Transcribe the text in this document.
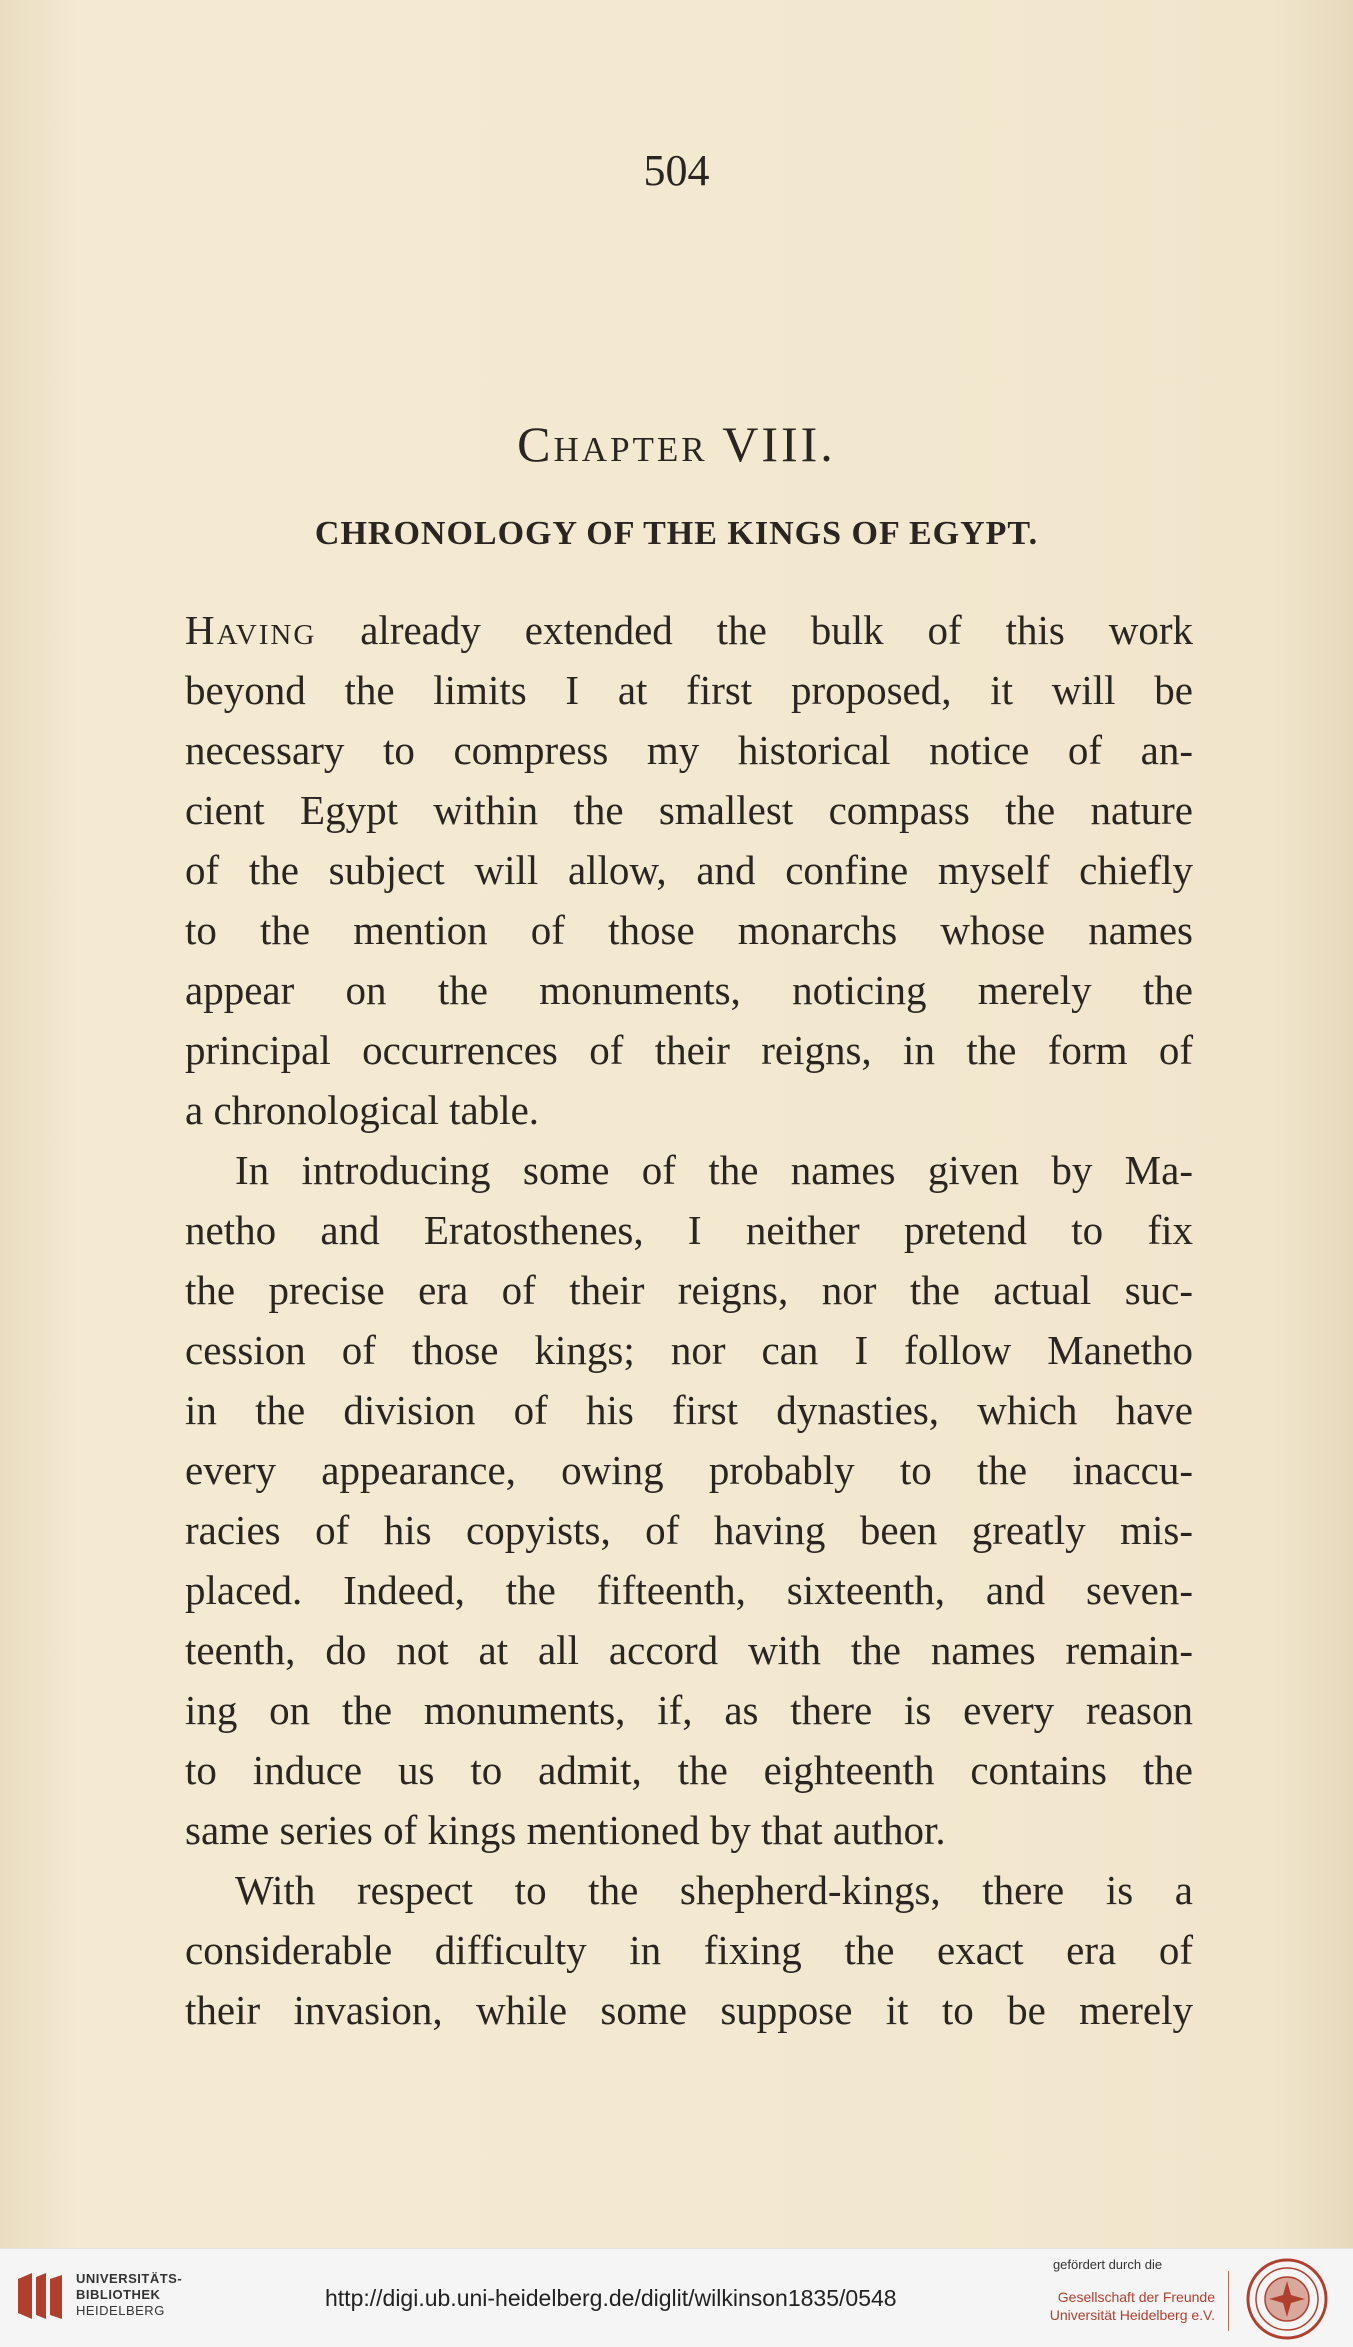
504
Chapter VIII.
CHRONOLOGY OF THE KINGS OF EGYPT.
Having already extended the bulk of this work
beyond the limits I at first proposed, it will be
necessary to compress my historical notice of an-
cient Egypt within the smallest compass the nature
of the subject will allow, and confine myself chiefly
to the mention of those monarchs whose names
appear on the monuments, noticing merely the
principal occurrences of their reigns, in the form of
a chronological table.
In introducing some of the names given by Ma-
netho and Eratosthenes, I neither pretend to fix
the precise era of their reigns, nor the actual suc-
cession of those kings; nor can I follow Manetho
in the division of his first dynasties, which have
every appearance, owing probably to the inaccu-
racies of his copyists, of having been greatly mis-
placed. Indeed, the fifteenth, sixteenth, and seven-
teenth, do not at all accord with the names remain-
ing on the monuments, if, as there is every reason
to induce us to admit, the eighteenth contains the
same series of kings mentioned by that author.
With respect to the shepherd-kings, there is a
considerable difficulty in fixing the exact era of
their invasion, while some suppose it to be merely
UNIVERSITÄTS-
BIBLIOTHEK
HEIDELBERG	http://digi.ub.uni-heidelberg.de/diglit/wilkinson1835/0548
gefördert durch die
Gesellschaft der Freunde
Universität Heidelberg e.V.
